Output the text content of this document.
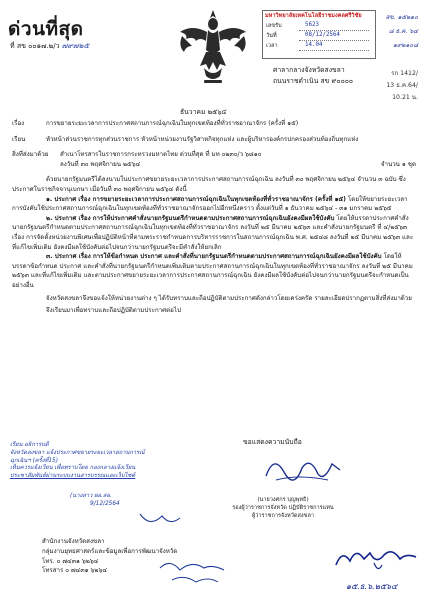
ด่วนที่สุด
ที่ สข ๐๐๑๗.๒/ว ๗๙๗๒๕
มหาวิทยาลัยเทคโนโลยีราชมงคลศรีวิชัย
เลขรับ	5623
วันที่	08/12/2564
เวลา	14.04
สข. ๑๕๒๑๐
๘ ธ.ค. ๖๔
๑๙๒๑๐๘
รก 1412/
13 ธ.ค.64/
10.21 น.
ศาลากลางจังหวัดสงขลา
ถนนราชดำเนิน สข ๙๐๐๐๐
ธันวาคม ๒๕๖๔

เรื่อง	การขยายระยะเวลาการประกาศสถานการณ์ฉุกเฉินในทุกเขตท้องที่ทั่วราชอาณาจักร (ครั้งที่ ๑๕)

เรียน	หัวหน้าส่วนราชการทุกส่วนราชการ หัวหน้าหน่วยงานรัฐวิสาหกิจทุกแห่ง และผู้บริหารองค์กรปกครองส่วนท้องถิ่นทุกแห่ง

สิ่งที่ส่งมาด้วย สำเนาโทรสารในราชการกระทรวงมหาดไทย ด่วนที่สุด ที่ มท ๐๒๓๐/ว ๖๘๑๐

ลงวันที่ ๓๐ พฤศจิกายน ๒๕๖๔	จำนวน ๑ ชุด

ด้วยนายกรัฐมนตรีได้ลงนามในประกาศขยายระยะเวลาการประกาศสถานการณ์ฉุกเฉิน ลงวันที่ ๓๐ พฤศจิกายน ๒๕๖๔ จำนวน ๓ ฉบับ ซึ่งประกาศในราชกิจจานุเบกษา เมื่อวันที่ ๓๐ พฤศจิกายน ๒๕๖๔ ดังนี้

๑. ประกาศ เรื่อง การขยายระยะเวลาการประกาศสถานการณ์ฉุกเฉินในทุกเขตท้องที่ทั่วราชอาณาจักร (ครั้งที่ ๑๕) โดยให้ขยายระยะเวลาการบังคับใช้ประกาศสถานการณ์ฉุกเฉินในทุกเขตท้องที่ทั่วราชอาณาจักรออกไปอีกหนึ่งคราว ตั้งแต่วันที่ ๑ ธันวาคม ๒๕๖๔ - ๓๑ มกราคม ๒๕๖๕

๒. ประกาศ เรื่อง การให้ประกาศคำสั่งนายกรัฐมนตรีกำหนดตามประกาศสถานการณ์ฉุกเฉินยังคงมีผลใช้บังคับ โดยให้บรรดาประกาศคำสั่งนายกรัฐมนตรีกำหนดตามประกาศสถานการณ์ฉุกเฉินในทุกเขตท้องที่ทั่วราชอาณาจักร ลงวันที่ ๒๕ มีนาคม ๒๕๖๓ และคำสั่งนายกรัฐมนตรี ที่ ๔/๒๕๖๓ เรื่อง การจัดตั้งหน่วยงานพิเศษเพื่อปฏิบัติหน้าที่ตามพระราชกำหนดการบริหารราชการในสถานการณ์ฉุกเฉิน พ.ศ. ๒๕๔๘ ลงวันที่ ๒๕ มีนาคม ๒๕๖๓ และที่แก้ไขเพิ่มเติม ยังคงมีผลใช้บังคับต่อไปจนกว่านายกรัฐมนตรีจะมีคำสั่งให้ยกเลิก

๓. ประกาศ เรื่อง การให้ข้อกำหนด ประกาศ และคำสั่งที่นายกรัฐมนตรีกำหนดตามประกาศสถานการณ์ฉุกเฉินยังคงมีผลใช้บังคับ โดยให้บรรดาข้อกำหนด ประกาศ และคำสั่งที่นายกรัฐมนตรีกำหนดเพิ่มเติมตามประกาศสถานการณ์ฉุกเฉินในทุกเขตท้องที่ทั่วราชอาณาจักร ลงวันที่ ๒๕ มีนาคม ๒๕๖๓ และที่แก้ไขเพิ่มเติม และตามประกาศขยายระยะเวลาการประกาศสถานการณ์ฉุกเฉิน ยังคงมีผลใช้บังคับต่อไปจนกว่านายกรัฐมนตรีจะกำหนดเป็นอย่างอื่น

จังหวัดสงขลาจึงขอแจ้งให้หน่วยงานต่าง ๆ ได้รับทราบและถือปฏิบัติตามประกาศดังกล่าวโดยเคร่งครัด รายละเอียดปรากฏตามสิ่งที่ส่งมาด้วย

จึงเรียนมาเพื่อทราบและถือปฏิบัติตามประกาศต่อไป

ขอแสดงความนับถือ
(นายวงศกร บุญพุทธิ)
รองผู้ว่าราชการจังหวัด ปฏิบัติราชการแทน
ผู้ว่าราชการจังหวัดสงขลา
เรียน อธิการบดี
จังหวัดสงขลา แจ้งประกาศขยายระยะเวลาสถานการณ์
ฉุกเฉินฯ (ครั้งที่15)
เห็นควรแจ้งเวียน เพื่อทราบโดย กองกลางแจ้งเวียน
ประชาสัมพันธ์ผ่านระบบงานสารบรรณและเว็บไซต์
(นางสาว ผอ.สอ.
9/12/2564
๑๕.ธ.๖.๒๕๖๔
สำนักงานจังหวัดสงขลา
กลุ่มงานยุทธศาสตร์และข้อมูลเพื่อการพัฒนาจังหวัด
โทร. ๐ ๗๔๓๑ ๖๒๖๔
โทรสาร ๐ ๗๔๓๑ ๖๒๖๔
